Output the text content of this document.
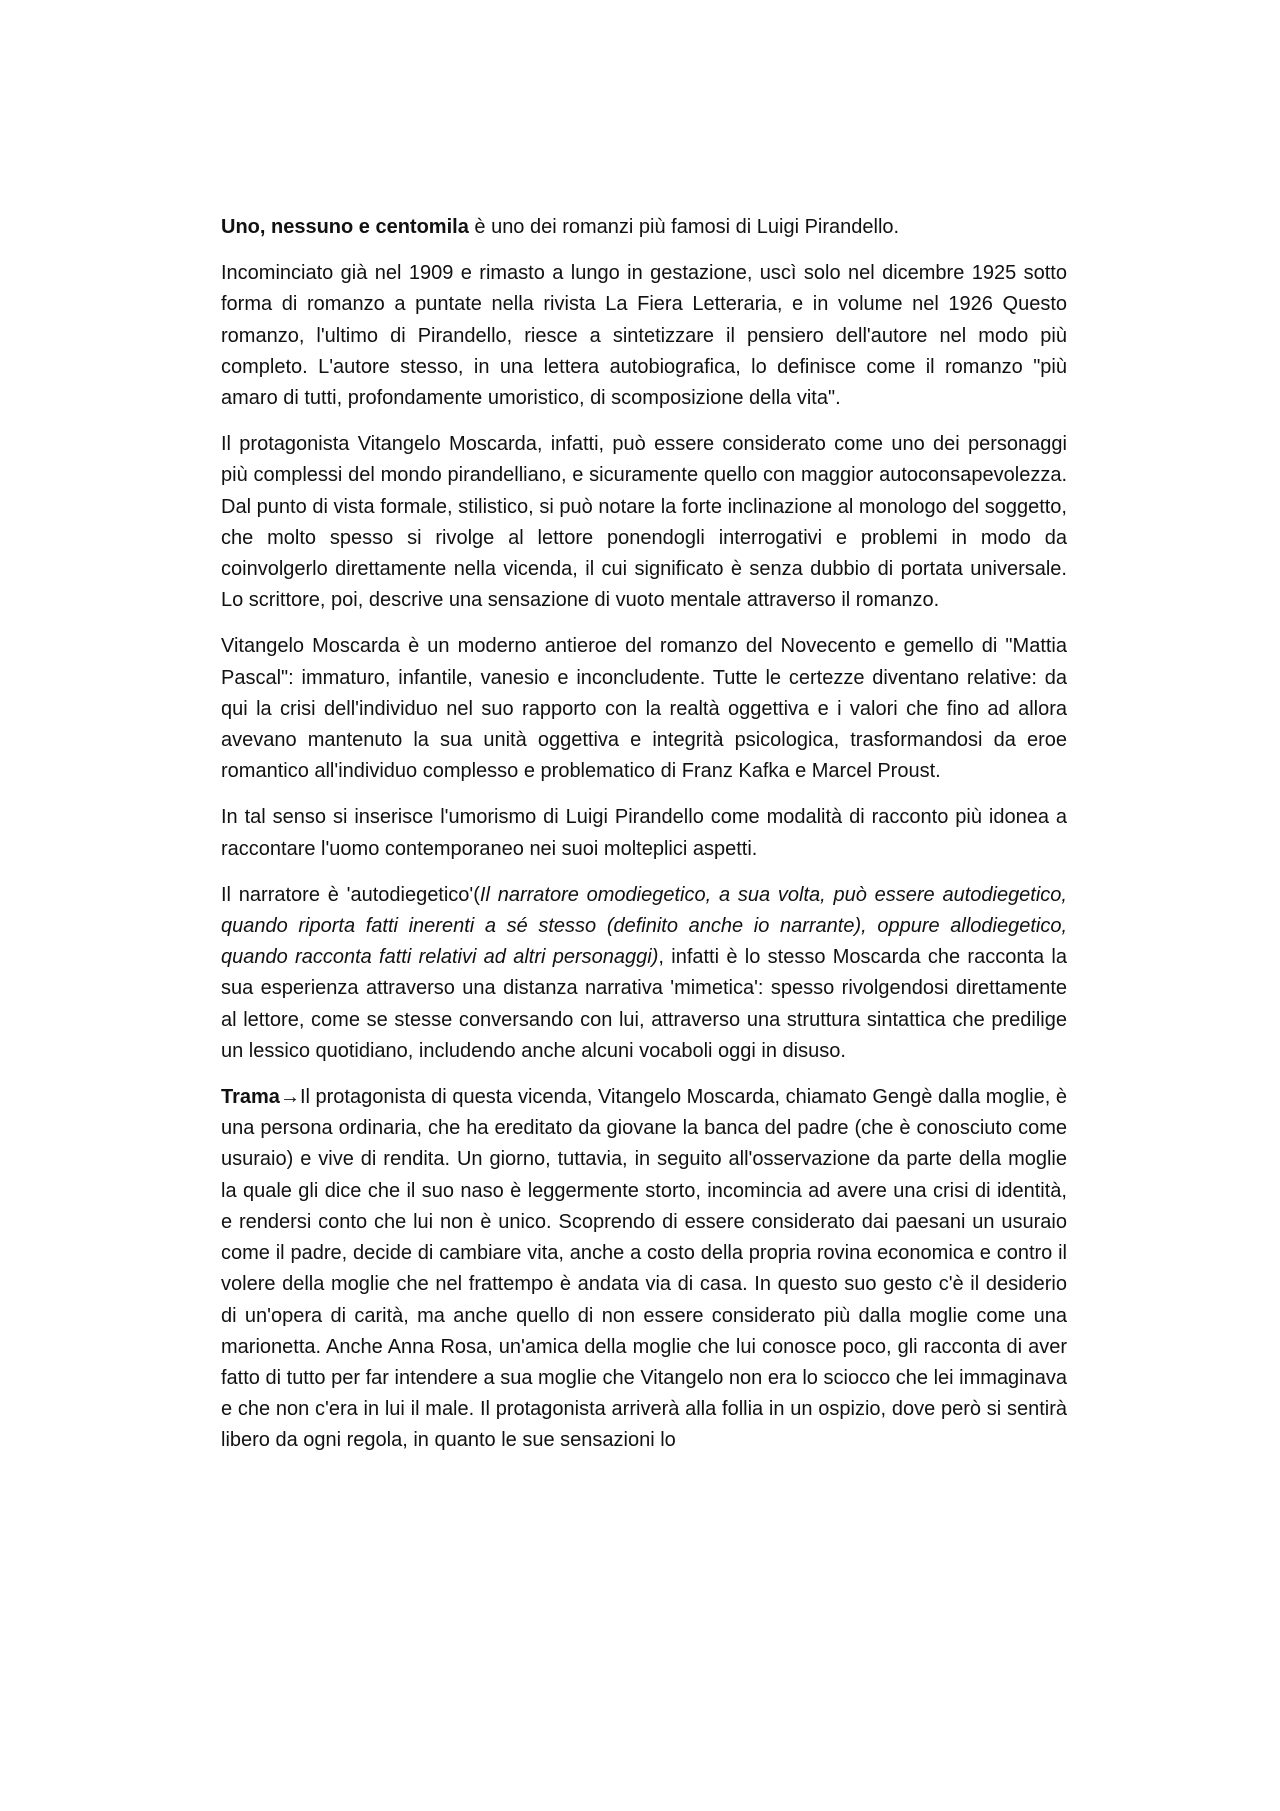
Uno, nessuno e centomila è uno dei romanzi più famosi di Luigi Pirandello.

Incominciato già nel 1909 e rimasto a lungo in gestazione, uscì solo nel dicembre 1925 sotto forma di romanzo a puntate nella rivista La Fiera Letteraria, e in volume nel 1926 Questo romanzo, l'ultimo di Pirandello, riesce a sintetizzare il pensiero dell'autore nel modo più completo. L'autore stesso, in una lettera autobiografica, lo definisce come il romanzo "più amaro di tutti, profondamente umoristico, di scomposizione della vita".

Il protagonista Vitangelo Moscarda, infatti, può essere considerato come uno dei personaggi più complessi del mondo pirandelliano, e sicuramente quello con maggior autoconsapevolezza. Dal punto di vista formale, stilistico, si può notare la forte inclinazione al monologo del soggetto, che molto spesso si rivolge al lettore ponendogli interrogativi e problemi in modo da coinvolgerlo direttamente nella vicenda, il cui significato è senza dubbio di portata universale. Lo scrittore, poi, descrive una sensazione di vuoto mentale attraverso il romanzo.

Vitangelo Moscarda è un moderno antieroe del romanzo del Novecento e gemello di "Mattia Pascal": immaturo, infantile, vanesio e inconcludente. Tutte le certezze diventano relative: da qui la crisi dell'individuo nel suo rapporto con la realtà oggettiva e i valori che fino ad allora avevano mantenuto la sua unità oggettiva e integrità psicologica, trasformandosi da eroe romantico all'individuo complesso e problematico di Franz Kafka e Marcel Proust.

In tal senso si inserisce l'umorismo di Luigi Pirandello come modalità di racconto più idonea a raccontare l'uomo contemporaneo nei suoi molteplici aspetti.

Il narratore è 'autodiegetico'(Il narratore omodiegetico, a sua volta, può essere autodiegetico, quando riporta fatti inerenti a sé stesso (definito anche io narrante), oppure allodiegetico, quando racconta fatti relativi ad altri personaggi), infatti è lo stesso Moscarda che racconta la sua esperienza attraverso una distanza narrativa 'mimetica': spesso rivolgendosi direttamente al lettore, come se stesse conversando con lui, attraverso una struttura sintattica che predilige un lessico quotidiano, includendo anche alcuni vocaboli oggi in disuso.

Trama→Il protagonista di questa vicenda, Vitangelo Moscarda, chiamato Gengè dalla moglie, è una persona ordinaria, che ha ereditato da giovane la banca del padre (che è conosciuto come usuraio) e vive di rendita. Un giorno, tuttavia, in seguito all'osservazione da parte della moglie la quale gli dice che il suo naso è leggermente storto, incomincia ad avere una crisi di identità, e rendersi conto che lui non è unico. Scoprendo di essere considerato dai paesani un usuraio come il padre, decide di cambiare vita, anche a costo della propria rovina economica e contro il volere della moglie che nel frattempo è andata via di casa. In questo suo gesto c'è il desiderio di un'opera di carità, ma anche quello di non essere considerato più dalla moglie come una marionetta. Anche Anna Rosa, un'amica della moglie che lui conosce poco, gli racconta di aver fatto di tutto per far intendere a sua moglie che Vitangelo non era lo sciocco che lei immaginava e che non c'era in lui il male. Il protagonista arriverà alla follia in un ospizio, dove però si sentirà libero da ogni regola, in quanto le sue sensazioni lo
